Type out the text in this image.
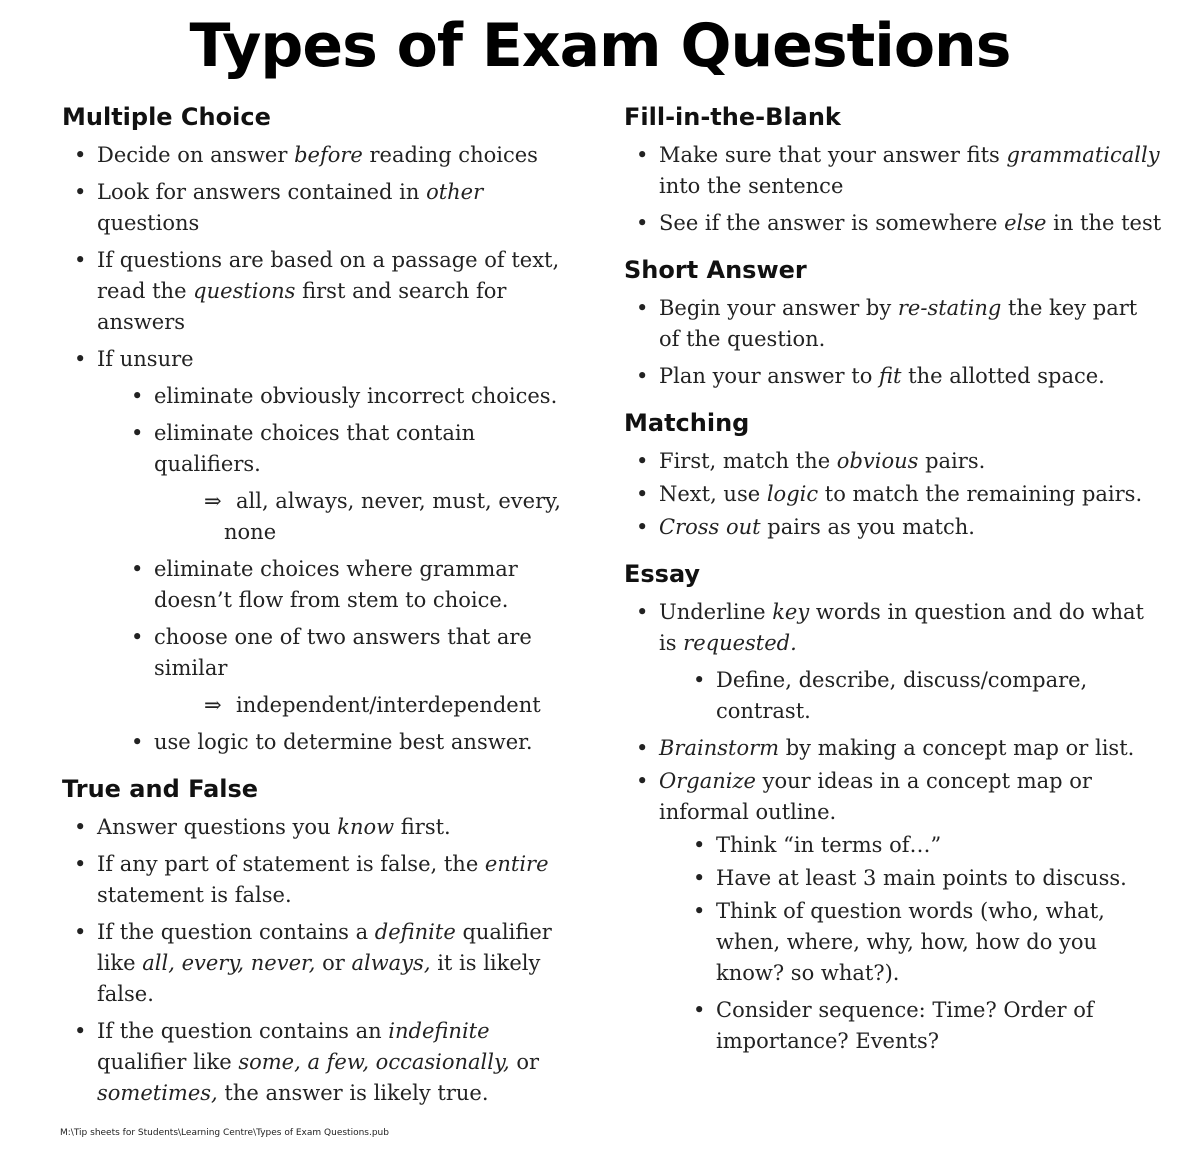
Types of Exam Questions
Multiple Choice
• Decide on answer before reading choices
• Look for answers contained in other questions
• If questions are based on a passage of text, read the questions first and search for answers
• If unsure
• eliminate obviously incorrect choices.
• eliminate choices that contain qualifiers.
⇒ all, always, never, must, every, none
• eliminate choices where grammar doesn’t flow from stem to choice.
• choose one of two answers that are similar
⇒ independent/interdependent
• use logic to determine best answer.
True and False
• Answer questions you know first.
• If any part of statement is false, the entire statement is false.
• If the question contains a definite qualifier like all, every, never, or always, it is likely false.
• If the question contains an indefinite qualifier like some, a few, occasionally, or sometimes, the answer is likely true.
Fill-in-the-Blank
• Make sure that your answer fits grammatically into the sentence
• See if the answer is somewhere else in the test
Short Answer
• Begin your answer by re-stating the key part of the question.
• Plan your answer to fit the allotted space.
Matching
• First, match the obvious pairs.
• Next, use logic to match the remaining pairs.
• Cross out pairs as you match.
Essay
• Underline key words in question and do what is requested.
• Define, describe, discuss/compare, contrast.
• Brainstorm by making a concept map or list.
• Organize your ideas in a concept map or informal outline.
• Think “in terms of…”
• Have at least 3 main points to discuss.
• Think of question words (who, what, when, where, why, how, how do you know? so what?).
• Consider sequence: Time? Order of importance? Events?
M:\Tip sheets for Students\Learning Centre\Types of Exam Questions.pub
